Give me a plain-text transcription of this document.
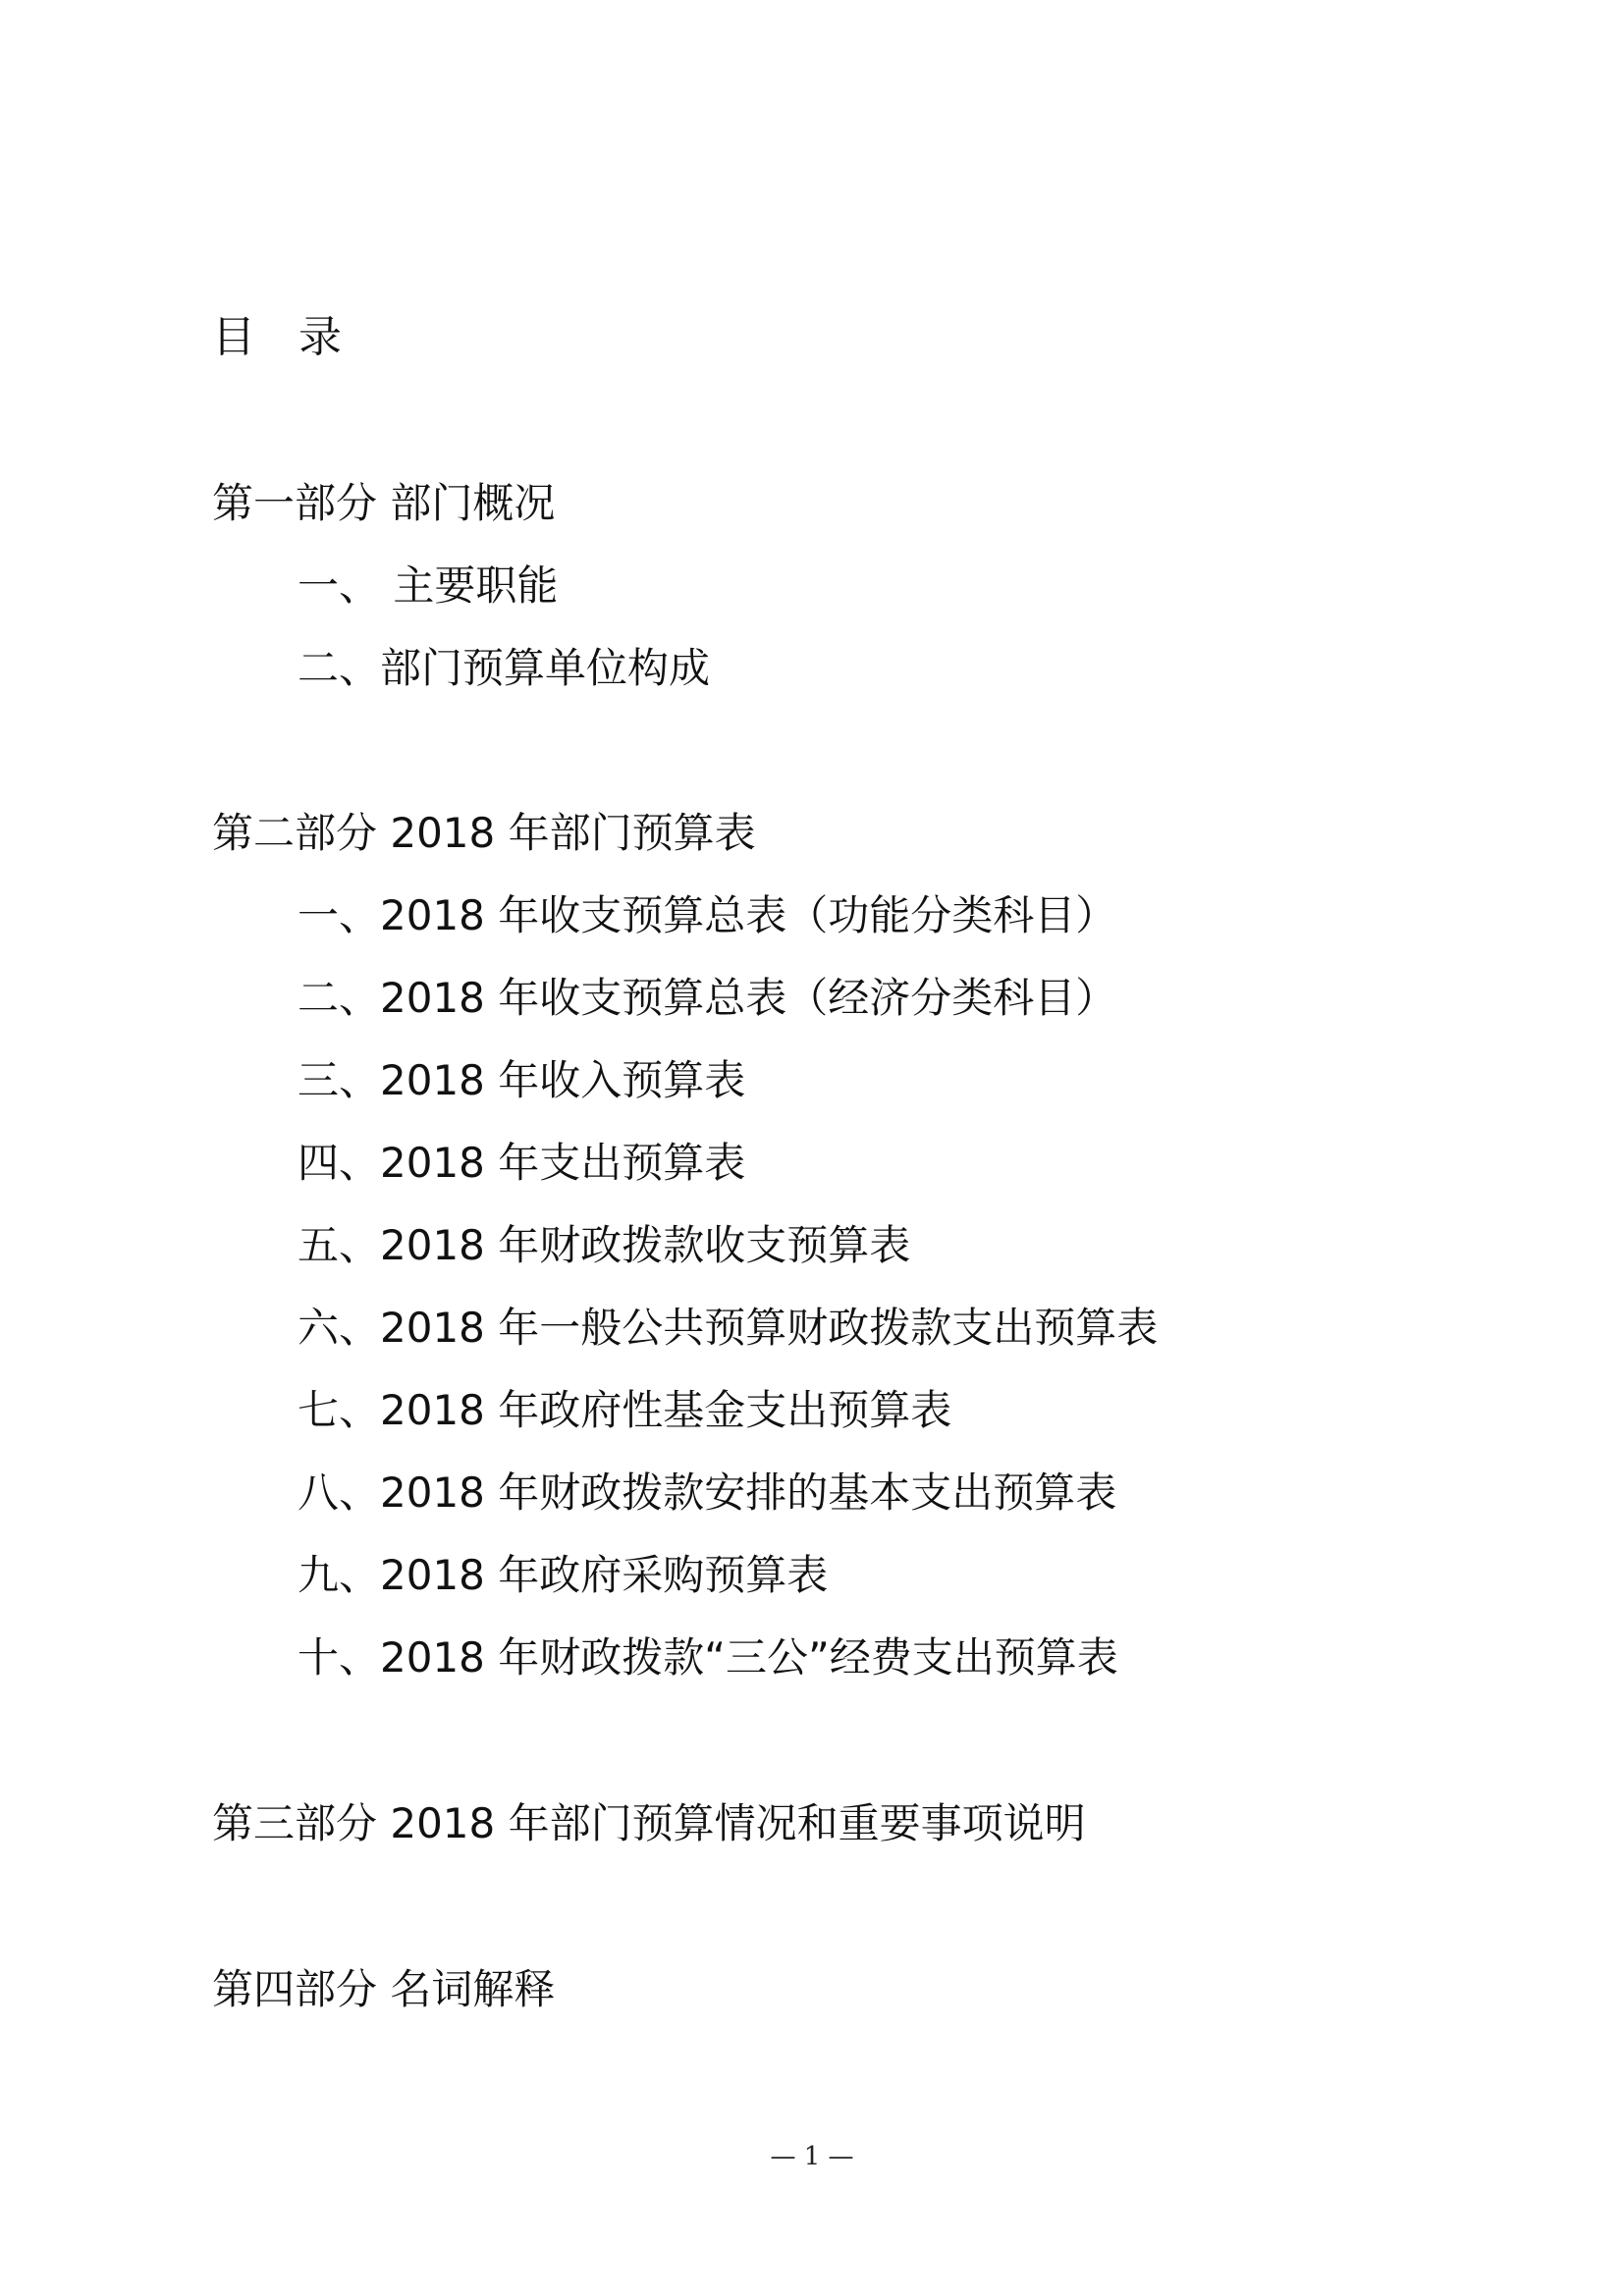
目录
第一部分 部门概况
一、 主要职能
二、部门预算单位构成
第二部分 2018 年部门预算表
一、2018 年收支预算总表（功能分类科目）
二、2018 年收支预算总表（经济分类科目）
三、2018 年收入预算表
四、2018 年支出预算表
五、2018 年财政拨款收支预算表
六、2018 年一般公共预算财政拨款支出预算表
七、2018 年政府性基金支出预算表
八、2018 年财政拨款安排的基本支出预算表
九、2018 年政府采购预算表
十、2018 年财政拨款“三公”经费支出预算表
第三部分 2018 年部门预算情况和重要事项说明
第四部分 名词解释
— 1 —
